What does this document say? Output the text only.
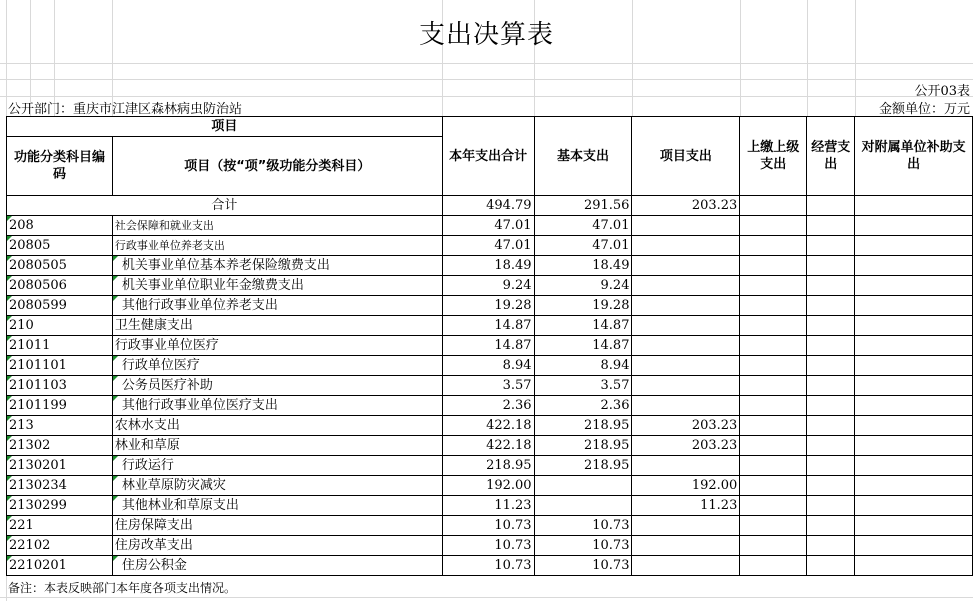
支出决算表
公开03表
公开部门：重庆市江津区森林病虫防治站	金额单位：万元
项目		本年支出合计	基本支出	项目支出	上缴上级支出	经营支出	对附属单位补助支出
功能分类科目编码	项目（按“项”级功能分类科目）						
合计		494.79	291.56	203.23			

208	社会保障和就业支出	47.01	47.01				

20805	行政事业单位养老支出	47.01	47.01				

2080505	机关事业单位基本养老保险缴费支出	18.49	18.49				

2080506	机关事业单位职业年金缴费支出	9.24	9.24				

2080599	其他行政事业单位养老支出	19.28	19.28				

210	卫生健康支出	14.87	14.87				

21011	行政事业单位医疗	14.87	14.87				

2101101	行政单位医疗	8.94	8.94				

2101103	公务员医疗补助	3.57	3.57				

2101199	其他行政事业单位医疗支出	2.36	2.36				

213	农林水支出	422.18	218.95	203.23			

21302	林业和草原	422.18	218.95	203.23			

2130201	行政运行	218.95	218.95				

2130234	林业草原防灾减灾	192.00		192.00			

2130299	其他林业和草原支出	11.23		11.23			

221	住房保障支出	10.73	10.73				

22102	住房改革支出	10.73	10.73				

2210201	住房公积金	10.73	10.73				
备注：本表反映部门本年度各项支出情况。
